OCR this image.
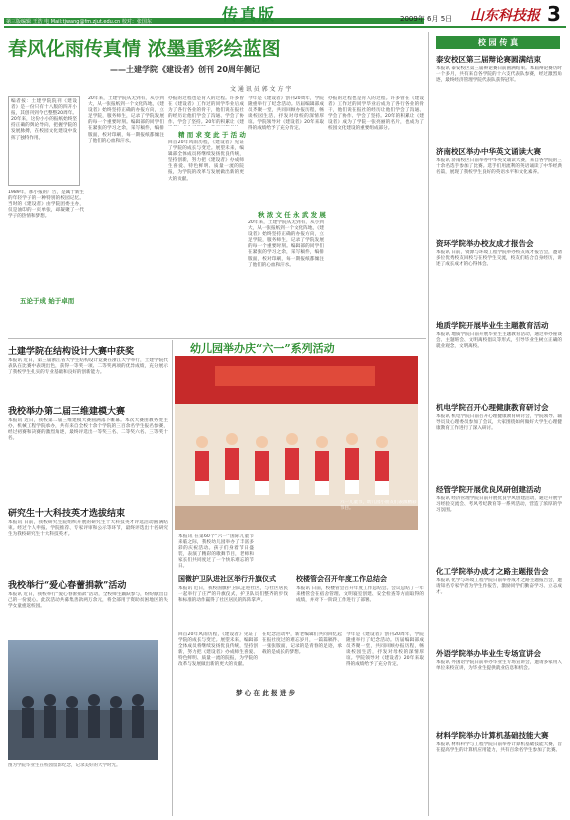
第三版编辑 王浩 电 Mail:tjwang@fm.zjut.edu.cn 校对：张国东	传真版	2009年 6月 5日 山东科技报 3
春风化雨传真情 浓墨重彩绘蓝图
——土建学院《建设者》创刊 20周年侧记
文 通 讯 员 郭 文 方 宇
编者按：土建学院院刊《建设者》是一份只有十八版的四开小报，其创刊到今已整整20周年。20年来，这份小小的报纸始终坚持正确的舆论导向，把握学院的发展脉搏，在校园文化建设中发挥了独特作用。
1989年，那小报的广告，是属于新生的年轻学子的一种特别的校园记忆。当时的《建设者》由学院团委主办，仅是油印的一页单张，却凝聚了一代学子的热情和梦想。
五论于成 始于卓而
20年来，土建学院从无到有，从小到大，从一张报纸到一个文化阵地，《建设者》始终坚持正确的办报方向，立足学院，服务师生，记录了学院发展的每一个重要时刻。编辑部的同学们在紧张的学习之余，采写稿件，编排版面，校对印刷，每一期报纸都倾注了他们的心血和汗水。
办报的过程也是育人的过程。许多曾在《建设者》工作过的同学毕业后成为了各行各业的骨干，他们说在报社的经历让他们学会了沟通、学会了协作、学会了坚持。20年的积累让《建
精 而 求 变 此 于 活 动
回首20年风雨历程，《建设者》见证了学院的成长与变迁。展望未来，编辑部全体成员将继续发扬优良传统，坚持创新，努力把《建设者》办成师生喜爱、特色鲜明、质量一流的院报，为学院的改革与发展做出新的更大的贡献。
今年是《建设者》创刊20周年，学院隆重举行了纪念活动。历届编辑部成员齐聚一堂，共同回顾办报历程，畅谈校园生活，抒发对母校的深情厚谊。学院领导对《建设者》20年来取得的成绩给予了充分肯定。
秋 浓 文 任 永 武 发 展
20年来，土建学院从无到有，从小到大，从一张报纸到一个文化阵地，《建设者》始终坚持正确的办报方向，立足学院，服务师生，记录了学院发展的每一个重要时刻。编辑部的同学们在紧张的学习之余，采写稿件，编排版面，校对印刷，每一期报纸都倾注了他们的心血和汗水。
办报的过程也是育人的过程。许多曾在《建设者》工作过的同学毕业后成为了各行各业的骨干，他们说在报社的经历让他们学会了沟通、学会了协作、学会了坚持。20年的积累让《建设者》成为了学院一张亮丽的名片，也成为了校园文化建设的重要组成部分。
土建学院在结构设计大赛中获奖
本报讯 近日，第三届浙江省大学生结构设计竞赛在浙江大学举行，土建学院代表队在比赛中表现出色，获得一等奖一项、二等奖两项的优异成绩，充分展示了我校学生扎实的专业基础和良好的创新能力。
我校举办第二届三维建模大赛
本报讯 近日，我校第二届三维建模大赛圆满落下帷幕。本次大赛由教务处主办，机械工程学院承办，共有来自全校十余个学院的三百余名学生报名参赛，经过初赛和决赛的激烈角逐，最终评选出一等奖三名、二等奖六名、三等奖十名。
研究生十大科技英才选拔结束
本报讯 日前，我校研究生院组织开展的研究生十大科技英才评选活动圆满结束。经过个人申报、学院推荐、专家评审和公示等环节，最终评选出十名研究生为我校研究生十大科技英才。
我校举行“爱心春蕾捐款”活动
本报讯 近日，我校举行“爱心春蕾捐款”活动，全校师生踊跃参与，纷纷献出自己的一份爱心。此次活动共募集善款两万余元，将全部用于资助贫困地区的失学女童重返校园。
图为学院毕业生在校园留影纪念，记录美好的大学时光。
幼儿园举办庆“六一”系列活动
本报讯 在第60个“六一”国际儿童节来临之际，我校幼儿园举办了丰富多彩的庆祝活动。孩子们身着节日盛装，表演了精彩的歌舞节目，老师和家长们共同度过了一个快乐难忘的节日。
国微护卫队进社区举行升旗仪式
本报讯 近日，我校国旗护卫队走进社区，与社区居民一起举行了庄严的升旗仪式，护卫队员们整齐的步伐和标准的动作赢得了社区居民的阵阵掌声。
校楼管会召开年度工作总结会
本报讯 日前，校楼管会召开年度工作总结会。会议总结了一年来楼管会在宿舍管理、文明寝室创建、安全检查等方面取得的成绩，并对下一阶段工作进行了部署。
梦 心 在 此 报 进 步
回首20年风雨历程，《建设者》见证了学院的成长与变迁。展望未来，编辑部全体成员将继续发扬优良传统，坚持创新，努力把《建设者》办成师生喜爱、特色鲜明、质量一流的院报，为学院的改革与发展做出新的更大的贡献。
在纪念活动中，新老编辑们共同回忆起在报社度过的难忘岁月，一篇篇稿件、一张张版面，记录的是青春的足迹，承载的是成长的梦想。
今年是《建设者》创刊20周年，学院隆重举行了纪念活动。历届编辑部成员齐聚一堂，共同回顾办报历程，畅谈校园生活，抒发对母校的深情厚谊。学院领导对《建设者》20年来取得的成绩给予了充分肯定。
六一儿童节，幼儿园小朋友们表演精彩节目。
校 园 传 真
泰安校区第三届辩论赛圆满结束
本报讯 泰安校区第三届辩论赛日前圆满结束。本届辩论赛历时一个多月，共有来自各学院的十六支代表队参赛，经过激烈角逐，最终经济管理学院代表队获得冠军。
济南校区举办中华英文诵读大赛
本报讯 济南校区日前举办中华英文诵读大赛，来自各学院的三十余名选手参加了比赛。选手们用流利的英语诵读了中华经典名篇，展现了我校学生良好的英语水平和文化素养。
资环学院举办校友成才报告会
本报讯 日前，资源与环境工程学院举办校友成才报告会，邀请多位优秀校友回校与在校学生交流，校友们结合自身经历，讲述了成长成才的心得体会。
地质学院开展毕业生主题教育活动
本报讯 地质学院日前开展毕业生主题教育活动，通过举办座谈会、主题班会、文明离校倡议等形式，引导毕业生树立正确的就业观念，文明离校。
机电学院召开心理健康教育研讨会
本报讯 机电学院日前召开心理健康教育研讨会，学院领导、辅导员及心理委员参加了会议，大家围绕如何做好大学生心理健康教育工作进行了深入研讨。
经管学院开展优良风研创建活动
本报讯 经济管理学院日前开展优良学风创建活动，通过开展学习经验交流会、考风考纪教育等一系列活动，营造了浓厚的学习氛围。
化工学院举办成才之路主题报告会
本报讯 化学与环境工程学院日前举办成才之路主题报告会，邀请知名专家学者为学生作报告，激励同学们勤奋学习、立志成才。
外语学院举办毕业生专场宣讲会
本报讯 外国语学院日前举办毕业生专场宣讲会，邀请多家用人单位来校宣讲，为毕业生提供就业信息和机会。
材料学院举办计算机基础技能大赛
本报讯 材料科学与工程学院日前举办计算机基础技能大赛，旨在提高学生的计算机应用能力，共有百余名学生参加了比赛。
